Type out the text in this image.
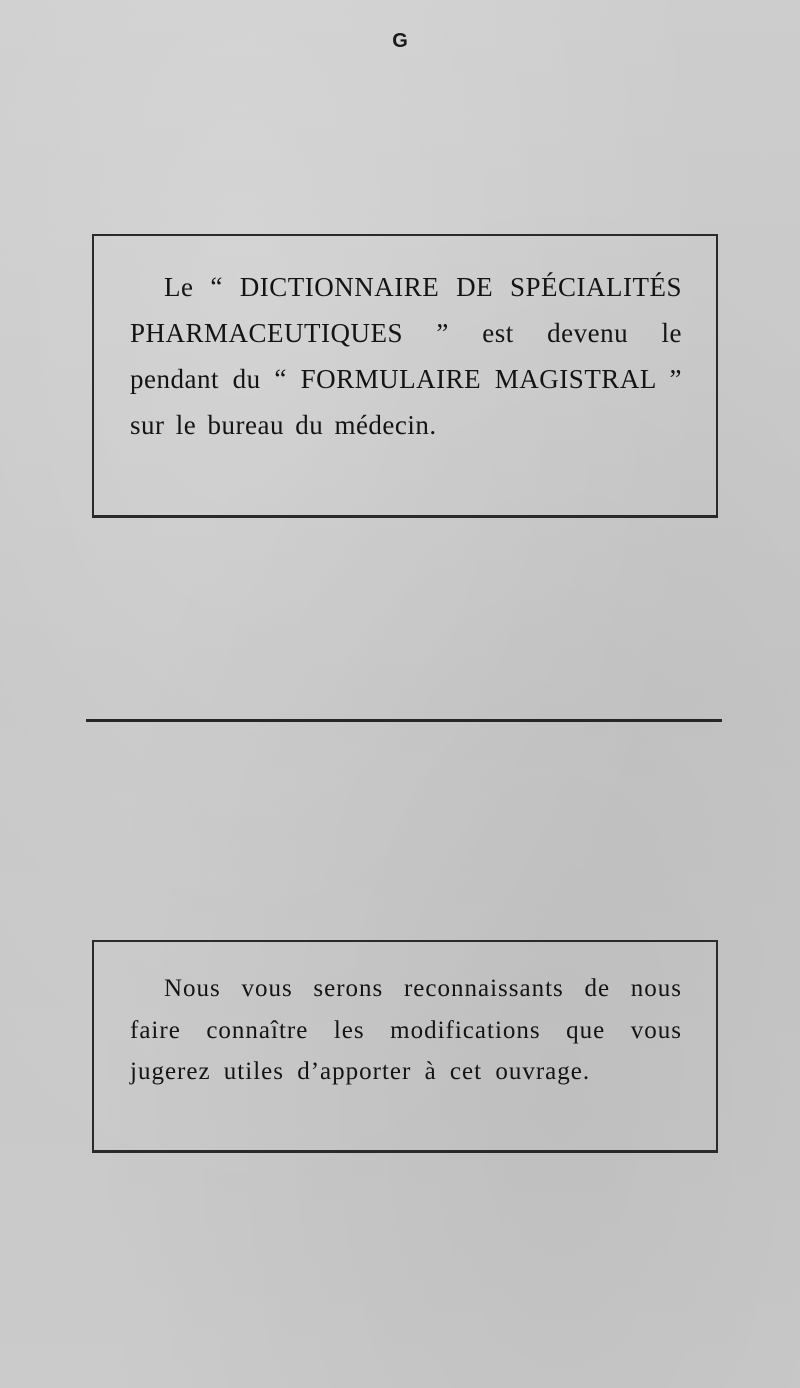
G

Le “ DICTIONNAIRE DE SPÉCIALITÉS PHARMACEUTIQUES ” est devenu le pendant du “ FORMULAIRE MAGISTRAL ” sur le bureau du médecin.

Nous vous serons reconnaissants de nous faire connaître les modifications que vous jugerez utiles d’apporter à cet ouvrage.
